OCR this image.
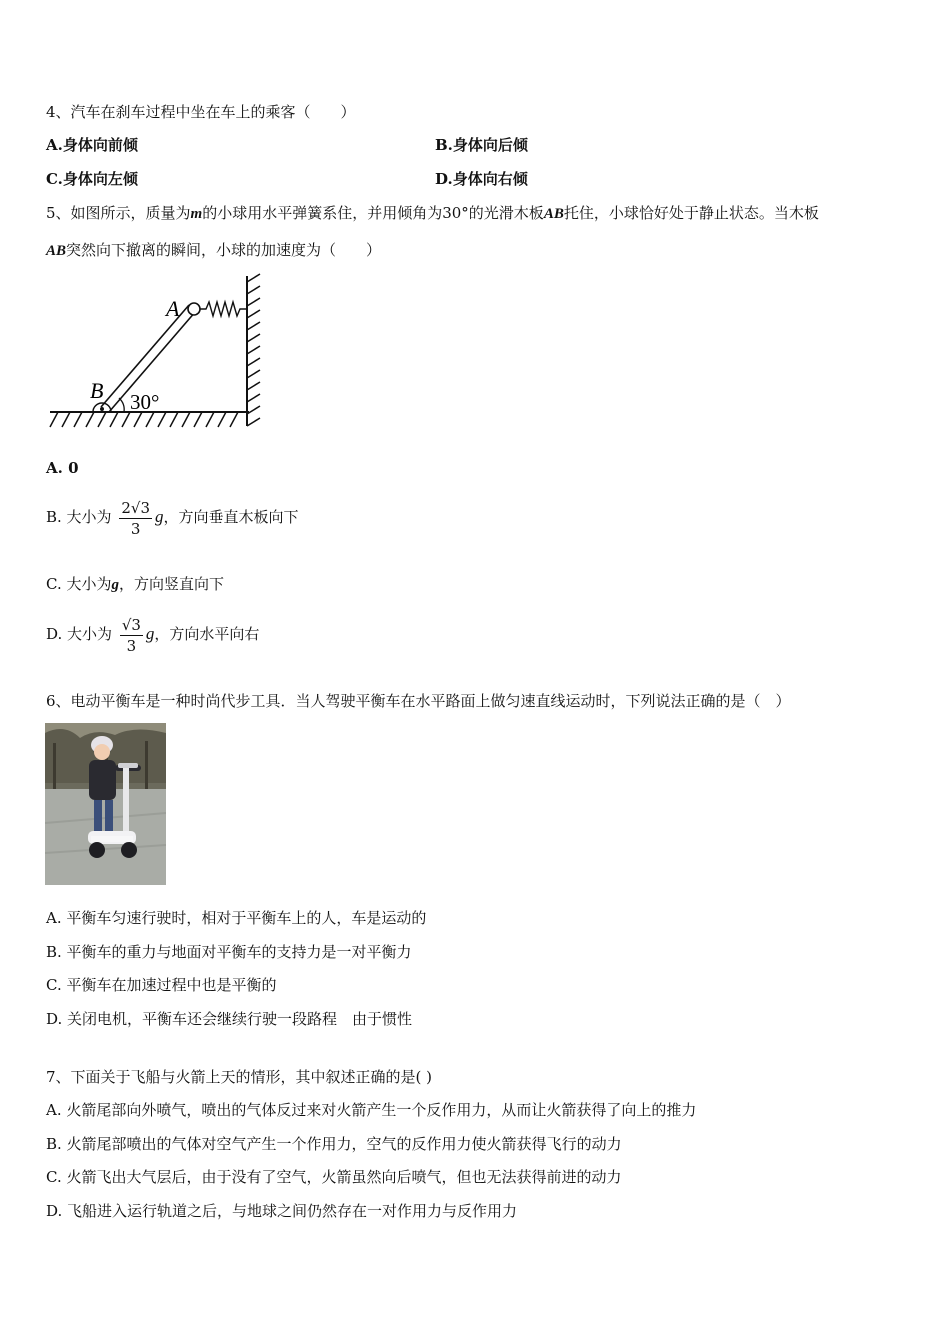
4、汽车在刹车过程中坐在车上的乘客（　　）
A.身体向前倾	B.身体向后倾
C.身体向左倾	D.身体向右倾
5、如图所示，质量为m的小球用水平弹簧系住，并用倾角为30°的光滑木板AB托住，小球恰好处于静止状态。当木板
AB突然向下撤离的瞬间，小球的加速度为（　　）
A
B 30°
A. 0
B. 大小为 $\frac{2√3}{3}$ g，方向垂直木板向下
C. 大小为g，方向竖直向下
D. 大小为 $\frac{√3}{3}$ g，方向水平向右
6、电动平衡车是一种时尚代步工具．当人驾驶平衡车在水平路面上做匀速直线运动时，下列说法正确的是（　）
A. 平衡车匀速行驶时，相对于平衡车上的人，车是运动的
B. 平衡车的重力与地面对平衡车的支持力是一对平衡力
C. 平衡车在加速过程中也是平衡的
D. 关闭电机，平衡车还会继续行驶一段路程　由于惯性
7、下面关于飞船与火箭上天的情形，其中叙述正确的是( )
A. 火箭尾部向外喷气，喷出的气体反过来对火箭产生一个反作用力，从而让火箭获得了向上的推力
B. 火箭尾部喷出的气体对空气产生一个作用力，空气的反作用力使火箭获得飞行的动力
C. 火箭飞出大气层后，由于没有了空气，火箭虽然向后喷气，但也无法获得前进的动力
D. 飞船进入运行轨道之后，与地球之间仍然存在一对作用力与反作用力
